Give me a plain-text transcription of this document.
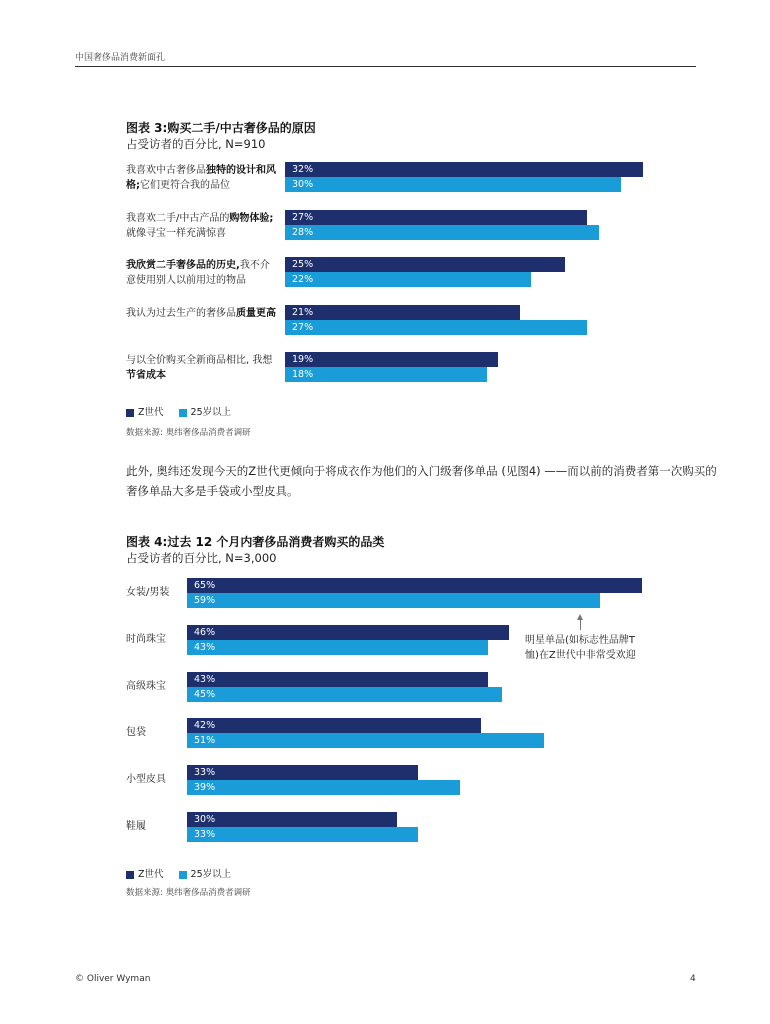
中国奢侈品消费新面孔
图表 3:购买二手/中古奢侈品的原因
占受访者的百分比, N=910
我喜欢中古奢侈品独特的设计和风格;它们更符合我的品位
32%
30%
我喜欢二手/中古产品的购物体验;就像寻宝一样充满惊喜
27%
28%
我欣赏二手奢侈品的历史,我不介意使用别人以前用过的物品
25%
22%
我认为过去生产的奢侈品质量更高 21%
27%
与以全价购买全新商品相比, 我想节省成本
19%
18%
Z世代	25岁以上
数据来源: 奥纬奢侈品消费者调研
此外, 奥纬还发现今天的Z世代更倾向于将成衣作为他们的入门级奢侈单品 (见图4) ——而以前的消费者第一次购买的奢侈单品大多是手袋或小型皮具。
图表 4:过去 12 个月内奢侈品消费者购买的品类
占受访者的百分比, N=3,000
女装/男装
65%
59%
时尚珠宝
46%
43%
高级珠宝
43%
45%
包袋
42%
51%
小型皮具
33%
39%
鞋履
30%
33%
明星单品(如标志性品牌T恤)在Z世代中非常受欢迎
Z世代	25岁以上
数据来源: 奥纬奢侈品消费者调研
© Oliver Wyman	4
